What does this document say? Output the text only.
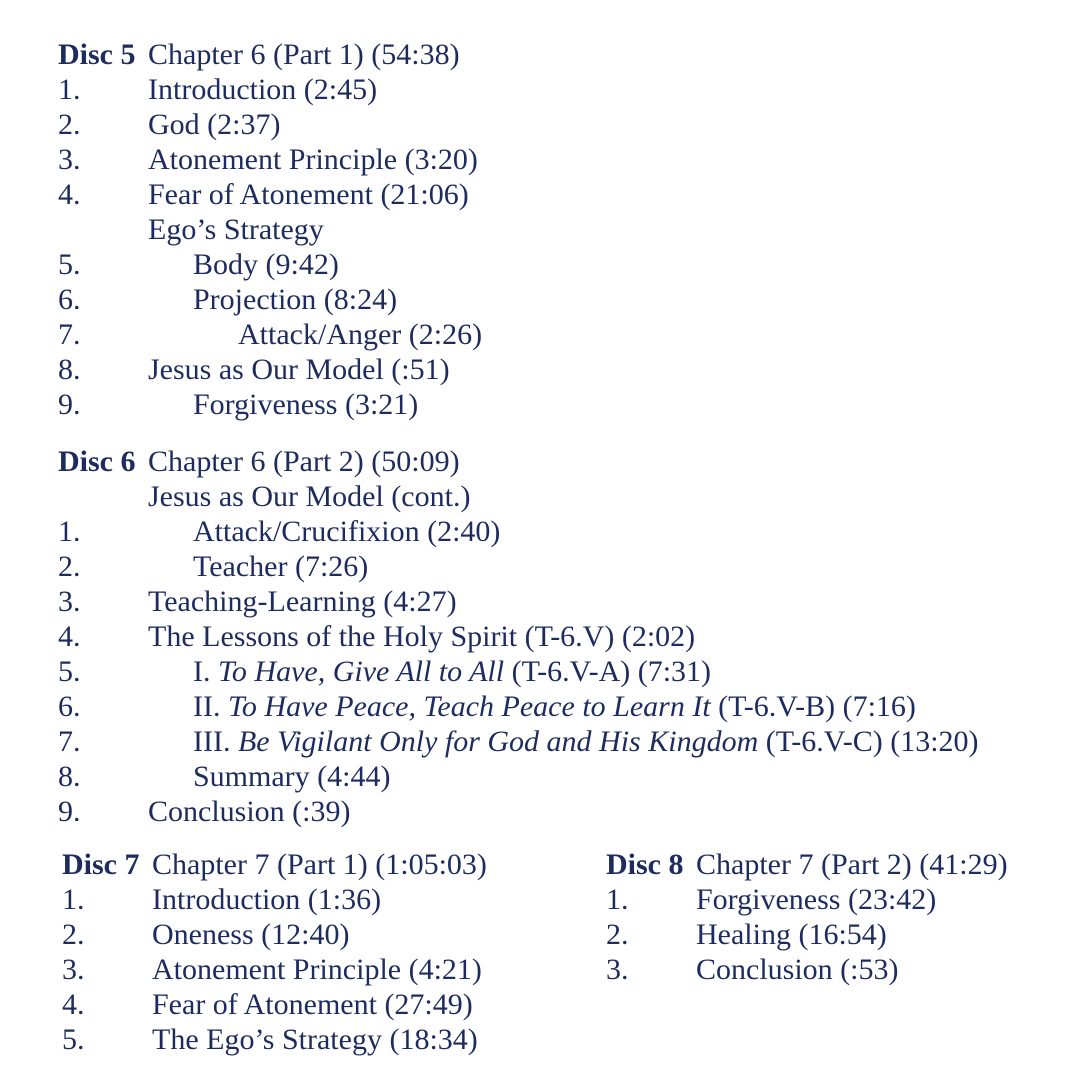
Disc 5 Chapter 6 (Part 1) (54:38)
1. Introduction (2:45)
2. God (2:37)
3. Atonement Principle (3:20)
4. Fear of Atonement (21:06)
Ego’s Strategy
5.	Body (9:42)
6.	Projection (8:24)
7.	Attack/Anger (2:26)
8. Jesus as Our Model (:51)
9.	Forgiveness (3:21)
Disc 6 Chapter 6 (Part 2) (50:09)
Jesus as Our Model (cont.)
1.	Attack/Crucifixion (2:40)
2.	Teacher (7:26)
3. Teaching-Learning (4:27)
4. The Lessons of the Holy Spirit (T-6.V) (2:02)
5.	I. To Have, Give All to All (T-6.V-A) (7:31)
6.	II. To Have Peace, Teach Peace to Learn It (T-6.V-B) (7:16)
7.	III. Be Vigilant Only for God and His Kingdom (T-6.V-C) (13:20)
8.	Summary (4:44)
9. Conclusion (:39)
Disc 7 Chapter 7 (Part 1) (1:05:03)
1. Introduction (1:36)
2. Oneness (12:40)
3. Atonement Principle (4:21)
4. Fear of Atonement (27:49)
5. The Ego’s Strategy (18:34)
Disc 8 Chapter 7 (Part 2) (41:29)
1. Forgiveness (23:42)
2. Healing (16:54)
3. Conclusion (:53)
